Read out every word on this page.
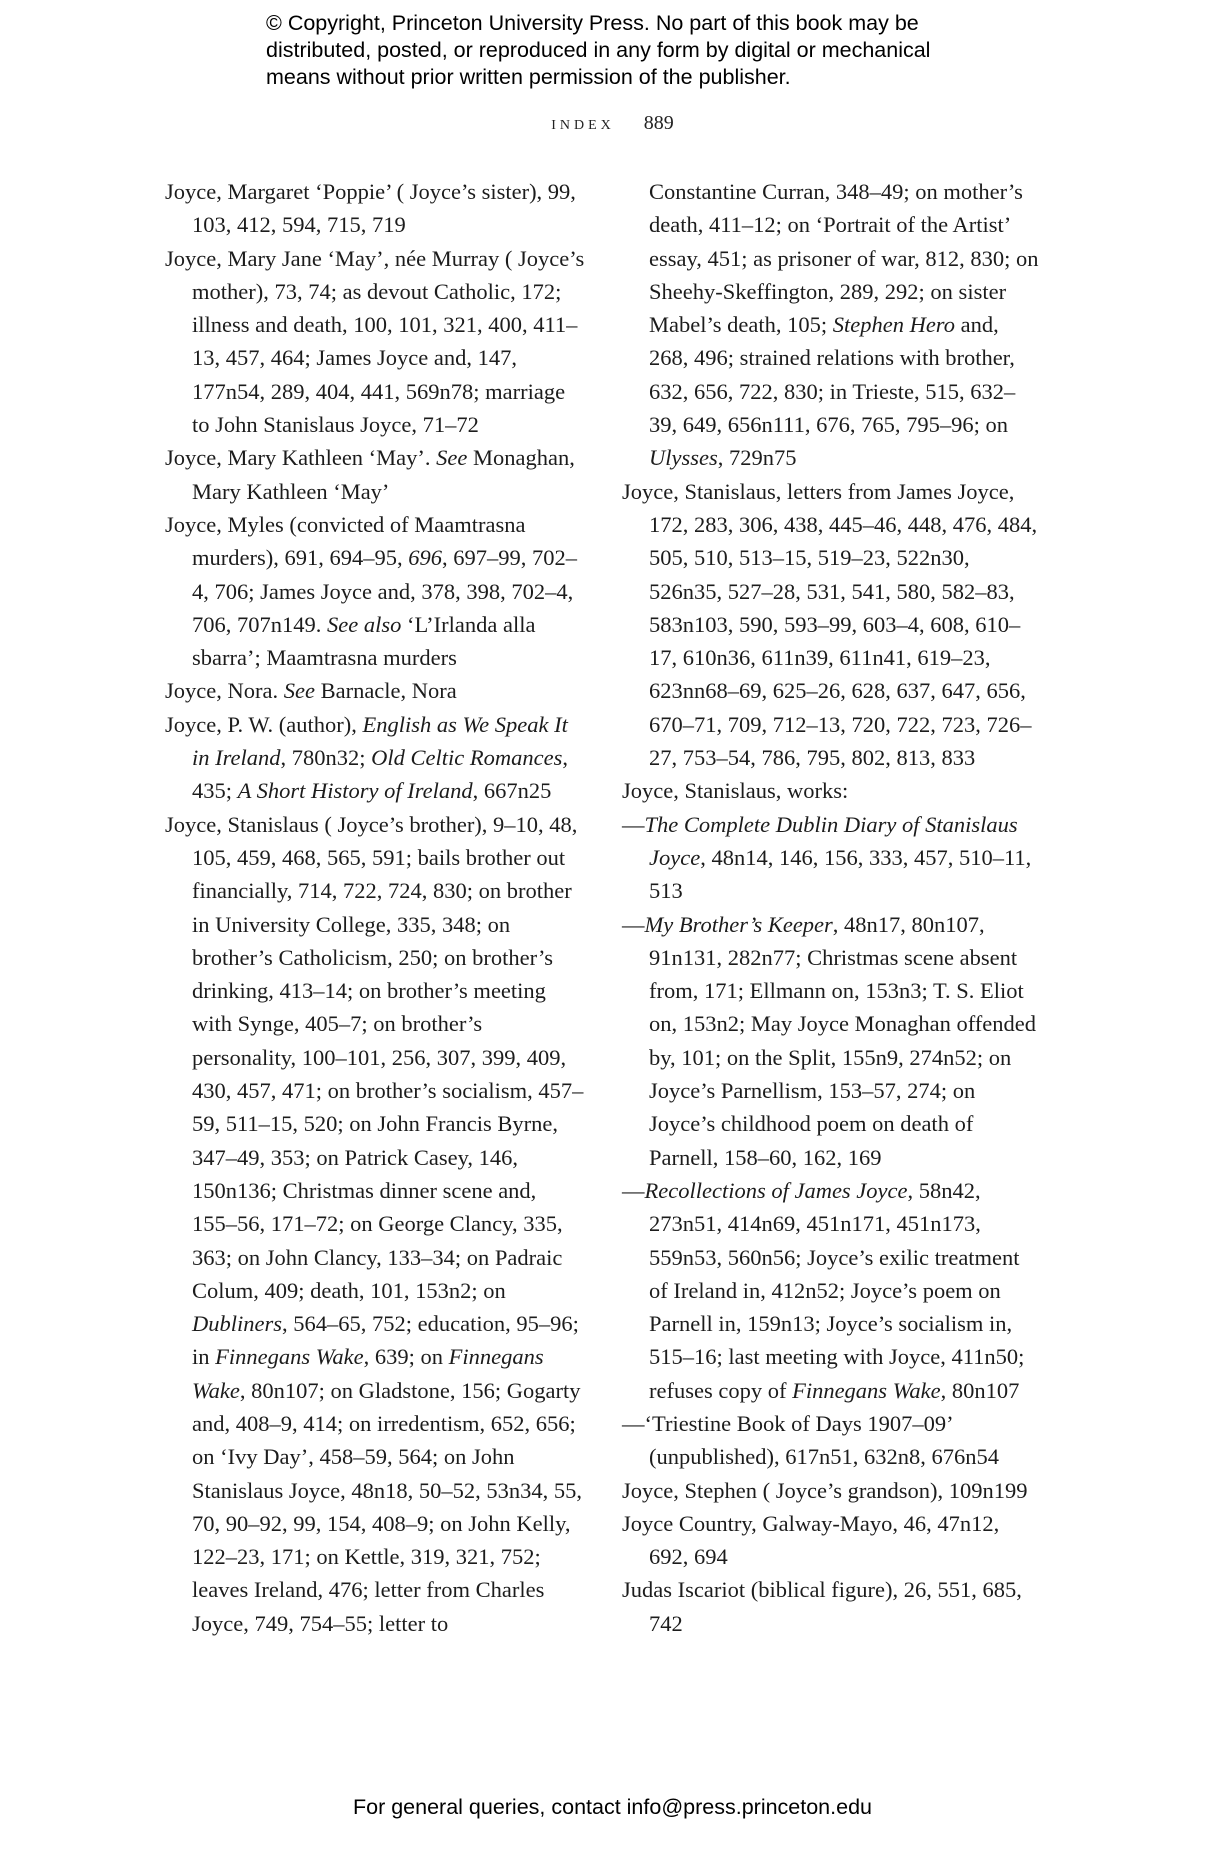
© Copyright, Princeton University Press. No part of this book may be
distributed, posted, or reproduced in any form by digital or mechanical
means without prior written permission of the publisher.
index 889

Joyce, Margaret ‘Poppie’ ( Joyce’s sister), 99, 103, 412, 594, 715, 719

Joyce, Mary Jane ‘May’, née Murray ( Joyce’s mother), 73, 74; as devout Catholic, 172; illness and death, 100, 101, 321, 400, 411–13, 457, 464; James Joyce and, 147, 177n54, 289, 404, 441, 569n78; marriage to John Stanislaus Joyce, 71–72

Joyce, Mary Kathleen ‘May’. See Monaghan, Mary Kathleen ‘May’

Joyce, Myles (convicted of Maamtrasna murders), 691, 694–95, 696, 697–99, 702–4, 706; James Joyce and, 378, 398, 702–4, 706, 707n149. See also ‘L’Irlanda alla sbarra’; Maamtrasna murders

Joyce, Nora. See Barnacle, Nora

Joyce, P. W. (author), English as We Speak It in Ireland, 780n32; Old Celtic Romances, 435; A Short History of Ireland, 667n25

Joyce, Stanislaus ( Joyce’s brother), 9–10, 48, 105, 459, 468, 565, 591; bails brother out financially, 714, 722, 724, 830; on brother in University College, 335, 348; on brother’s Catholicism, 250; on brother’s drinking, 413–14; on brother’s meeting with Synge, 405–7; on brother’s personality, 100–101, 256, 307, 399, 409, 430, 457, 471; on brother’s socialism, 457–59, 511–15, 520; on John Francis Byrne, 347–49, 353; on Patrick Casey, 146, 150n136; Christmas dinner scene and, 155–56, 171–72; on George Clancy, 335, 363; on John Clancy, 133–34; on Padraic Colum, 409; death, 101, 153n2; on Dubliners, 564–65, 752; education, 95–96; in Finnegans Wake, 639; on Finnegans Wake, 80n107; on Gladstone, 156; Gogarty and, 408–9, 414; on irredentism, 652, 656; on ‘Ivy Day’, 458–59, 564; on John Stanislaus Joyce, 48n18, 50–52, 53n34, 55, 70, 90–92, 99, 154, 408–9; on John Kelly, 122–23, 171; on Kettle, 319, 321, 752; leaves Ireland, 476; letter from Charles Joyce, 749, 754–55; letter to

Constantine Curran, 348–49; on mother’s death, 411–12; on ‘Portrait of the Artist’ essay, 451; as prisoner of war, 812, 830; on Sheehy-Skeffington, 289, 292; on sister Mabel’s death, 105; Stephen Hero and, 268, 496; strained relations with brother, 632, 656, 722, 830; in Trieste, 515, 632–39, 649, 656n111, 676, 765, 795–96; on Ulysses, 729n75

Joyce, Stanislaus, letters from James Joyce, 172, 283, 306, 438, 445–46, 448, 476, 484, 505, 510, 513–15, 519–23, 522n30, 526n35, 527–28, 531, 541, 580, 582–83, 583n103, 590, 593–99, 603–4, 608, 610–17, 610n36, 611n39, 611n41, 619–23, 623nn68–69, 625–26, 628, 637, 647, 656, 670–71, 709, 712–13, 720, 722, 723, 726–27, 753–54, 786, 795, 802, 813, 833

Joyce, Stanislaus, works:

—The Complete Dublin Diary of Stanislaus Joyce, 48n14, 146, 156, 333, 457, 510–11, 513

—My Brother’s Keeper, 48n17, 80n107, 91n131, 282n77; Christmas scene absent from, 171; Ellmann on, 153n3; T. S. Eliot on, 153n2; May Joyce Monaghan offended by, 101; on the Split, 155n9, 274n52; on Joyce’s Parnellism, 153–57, 274; on Joyce’s childhood poem on death of Parnell, 158–60, 162, 169

—Recollections of James Joyce, 58n42, 273n51, 414n69, 451n171, 451n173, 559n53, 560n56; Joyce’s exilic treatment of Ireland in, 412n52; Joyce’s poem on Parnell in, 159n13; Joyce’s socialism in, 515–16; last meeting with Joyce, 411n50; refuses copy of Finnegans Wake, 80n107

—‘Triestine Book of Days 1907–09’ (unpublished), 617n51, 632n8, 676n54

Joyce, Stephen ( Joyce’s grandson), 109n199

Joyce Country, Galway-Mayo, 46, 47n12, 692, 694

Judas Iscariot (biblical figure), 26, 551, 685, 742

For general queries, contact info@press.princeton.edu
